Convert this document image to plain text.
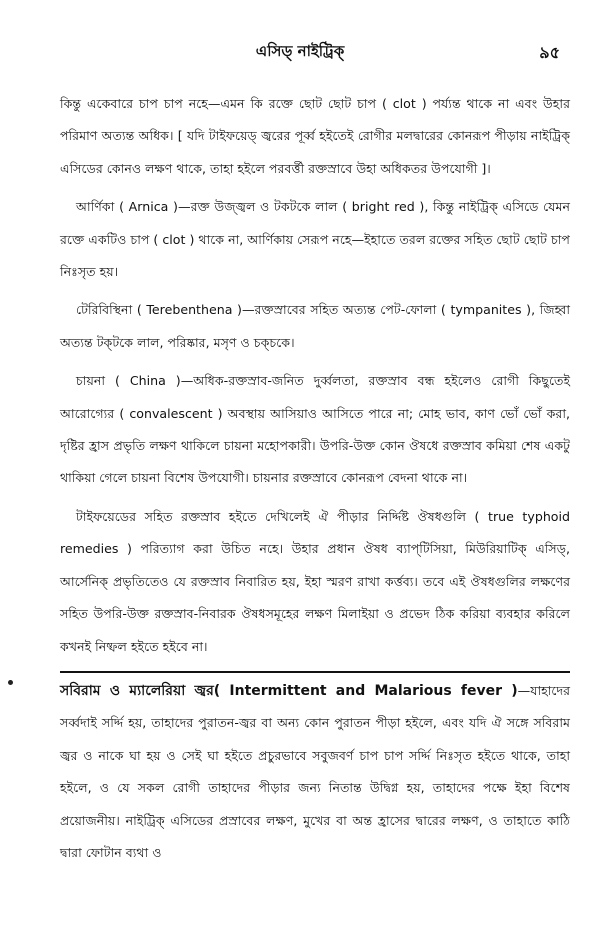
এসিড্ নাইট্রিক্	৯৫

কিন্তু একেবারে চাপ চাপ নহে—এমন কি রক্তে ছোট ছোট চাপ ( clot ) পর্য্যন্ত থাকে না এবং উহার পরিমাণ অত্যন্ত অধিক। [ যদি টাইফয়েড্ জ্বরের পূর্ব্ব হইতেই রোগীর মলদ্বারের কোনরূপ পীড়ায় নাইট্রিক্ এসিডের কোনও লক্ষণ থাকে, তাহা হইলে পরবর্ত্তী রক্তস্রাবে উহা অধিকতর উপযোগী ]।

আর্ণিকা ( Arnica )—রক্ত উজ্জ্বল ও টকটকে লাল ( bright red ), কিন্তু নাইট্রিক্ এসিডে যেমন রক্তে একটিও চাপ ( clot ) থাকে না, আর্ণিকায় সেরূপ নহে—ইহাতে তরল রক্তের সহিত ছোট ছোট চাপ নিঃসৃত হয়।

টেরিবিস্থিনা ( Terebenthena )—রক্তস্রাবের সহিত অত্যন্ত পেট-ফোলা ( tympanites ), জিহ্বা অত্যন্ত টক্‌টকে লাল, পরিষ্কার, মসৃণ ও চক্‌চকে।

চায়না ( China )—অধিক-রক্তস্রাব-জনিত দুর্ব্বলতা, রক্তস্রাব বন্ধ হইলেও রোগী কিছুতেই আরোগ্যের ( convalescent ) অবস্থায় আসিয়াও আসিতে পারে না; মোহ ভাব, কাণ ভোঁ ভোঁ করা, দৃষ্টির হ্রাস প্রভৃতি লক্ষণ থাকিলে চায়না মহোপকারী। উপরি-উক্ত কোন ঔষধে রক্তস্রাব কমিয়া শেষ একটু থাকিয়া গেলে চায়না বিশেষ উপযোগী। চায়নার রক্তস্রাবে কোনরূপ বেদনা থাকে না।

টাইফয়েডের সহিত রক্তস্রাব হইতে দেখিলেই ঐ পীড়ার নির্দ্দিষ্ট ঔষধগুলি ( true typhoid remedies ) পরিত্যাগ করা উচিত নহে। উহার প্রধান ঔষধ ব্যাপ্‌টিসিয়া, মিউরিয়াটিক্ এসিড্, আর্সেনিক্ প্রভৃতিতেও যে রক্তস্রাব নিবারিত হয়, ইহা স্মরণ রাখা কর্ত্তব্য। তবে এই ঔষধগুলির লক্ষণের সহিত উপরি-উক্ত রক্তস্রাব-নিবারক ঔষধসমূহের লক্ষণ মিলাইয়া ও প্রভেদ ঠিক করিয়া ব্যবহার করিলে কখনই নিষ্ফল হইতে হইবে না।

সবিরাম ও ম্যালেরিয়া জ্বর( Intermittent and Malarious fever )—যাহাদের সর্ব্বদাই সর্দ্দি হয়, তাহাদের পুরাতন-জ্বর বা অন্য কোন পুরাতন পীড়া হইলে, এবং যদি ঐ সঙ্গে সবিরাম জ্বর ও নাকে ঘা হয় ও সেই ঘা হইতে প্রচুরভাবে সবুজবর্ণ চাপ চাপ সর্দ্দি নিঃসৃত হইতে থাকে, তাহা হইলে, ও যে সকল রোগী তাহাদের পীড়ার জন্য নিতান্ত উদ্বিগ্ন হয়, তাহাদের পক্ষে ইহা বিশেষ প্রয়োজনীয়। নাইট্রিক্ এসিডের প্রস্রাবের লক্ষণ, মুখের বা অন্ত হ্রাসের দ্বারের লক্ষণ, ও তাহাতে কাঠি দ্বারা ফোটান ব্যথা ও
